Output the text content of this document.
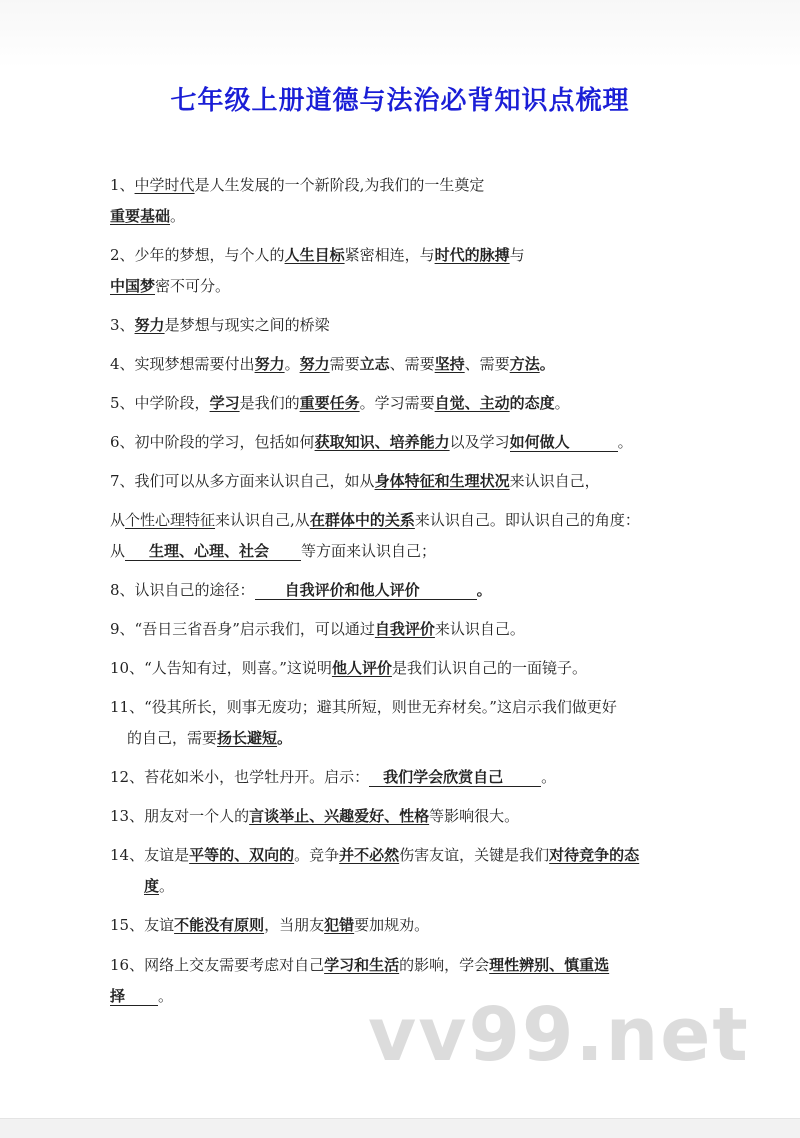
七年级上册道德与法治必背知识点梳理
1、中学时代是人生发展的一个新阶段,为我们的一生奠定
重要基础。
2、少年的梦想，与个人的人生目标紧密相连，与时代的脉搏与
中国梦密不可分。
3、努力是梦想与现实之间的桥梁
4、实现梦想需要付出努力。努力需要立志、需要坚持、需要方法。
5、中学阶段，学习是我们的重要任务。学习需要自觉、主动的态度。
6、初中阶段的学习，包括如何获取知识、培养能力以及学习如何做人	。
7、我们可以从多方面来认识自己，如从身体特征和生理状况来认识自己，
从个性心理特征来认识自己,从在群体中的关系来认识自己。即认识自己的角度：
从 生理、心理、社会 等方面来认识自己；
8、认识自己的途径： 自我评价和他人评价	。
9、“吾日三省吾身”启示我们，可以通过自我评价来认识自己。
10、“人告知有过，则喜。”这说明他人评价是我们认识自己的一面镜子。
11、“役其所长，则事无废功；避其所短，则世无弃材矣。”这启示我们做更好
的自己，需要扬长避短。
12、苔花如米小，也学牡丹开。启示： 我们学会欣赏自己	。
13、朋友对一个人的言谈举止、兴趣爱好、性格等影响很大。
14、友谊是平等的、双向的。竞争并不必然伤害友谊，关键是我们对待竞争的态
度。
15、友谊不能没有原则，当朋友犯错要加规劝。
16、网络上交友需要考虑对自己学习和生活的影响，学会理性辨别、慎重选
择 。	vv99.net
